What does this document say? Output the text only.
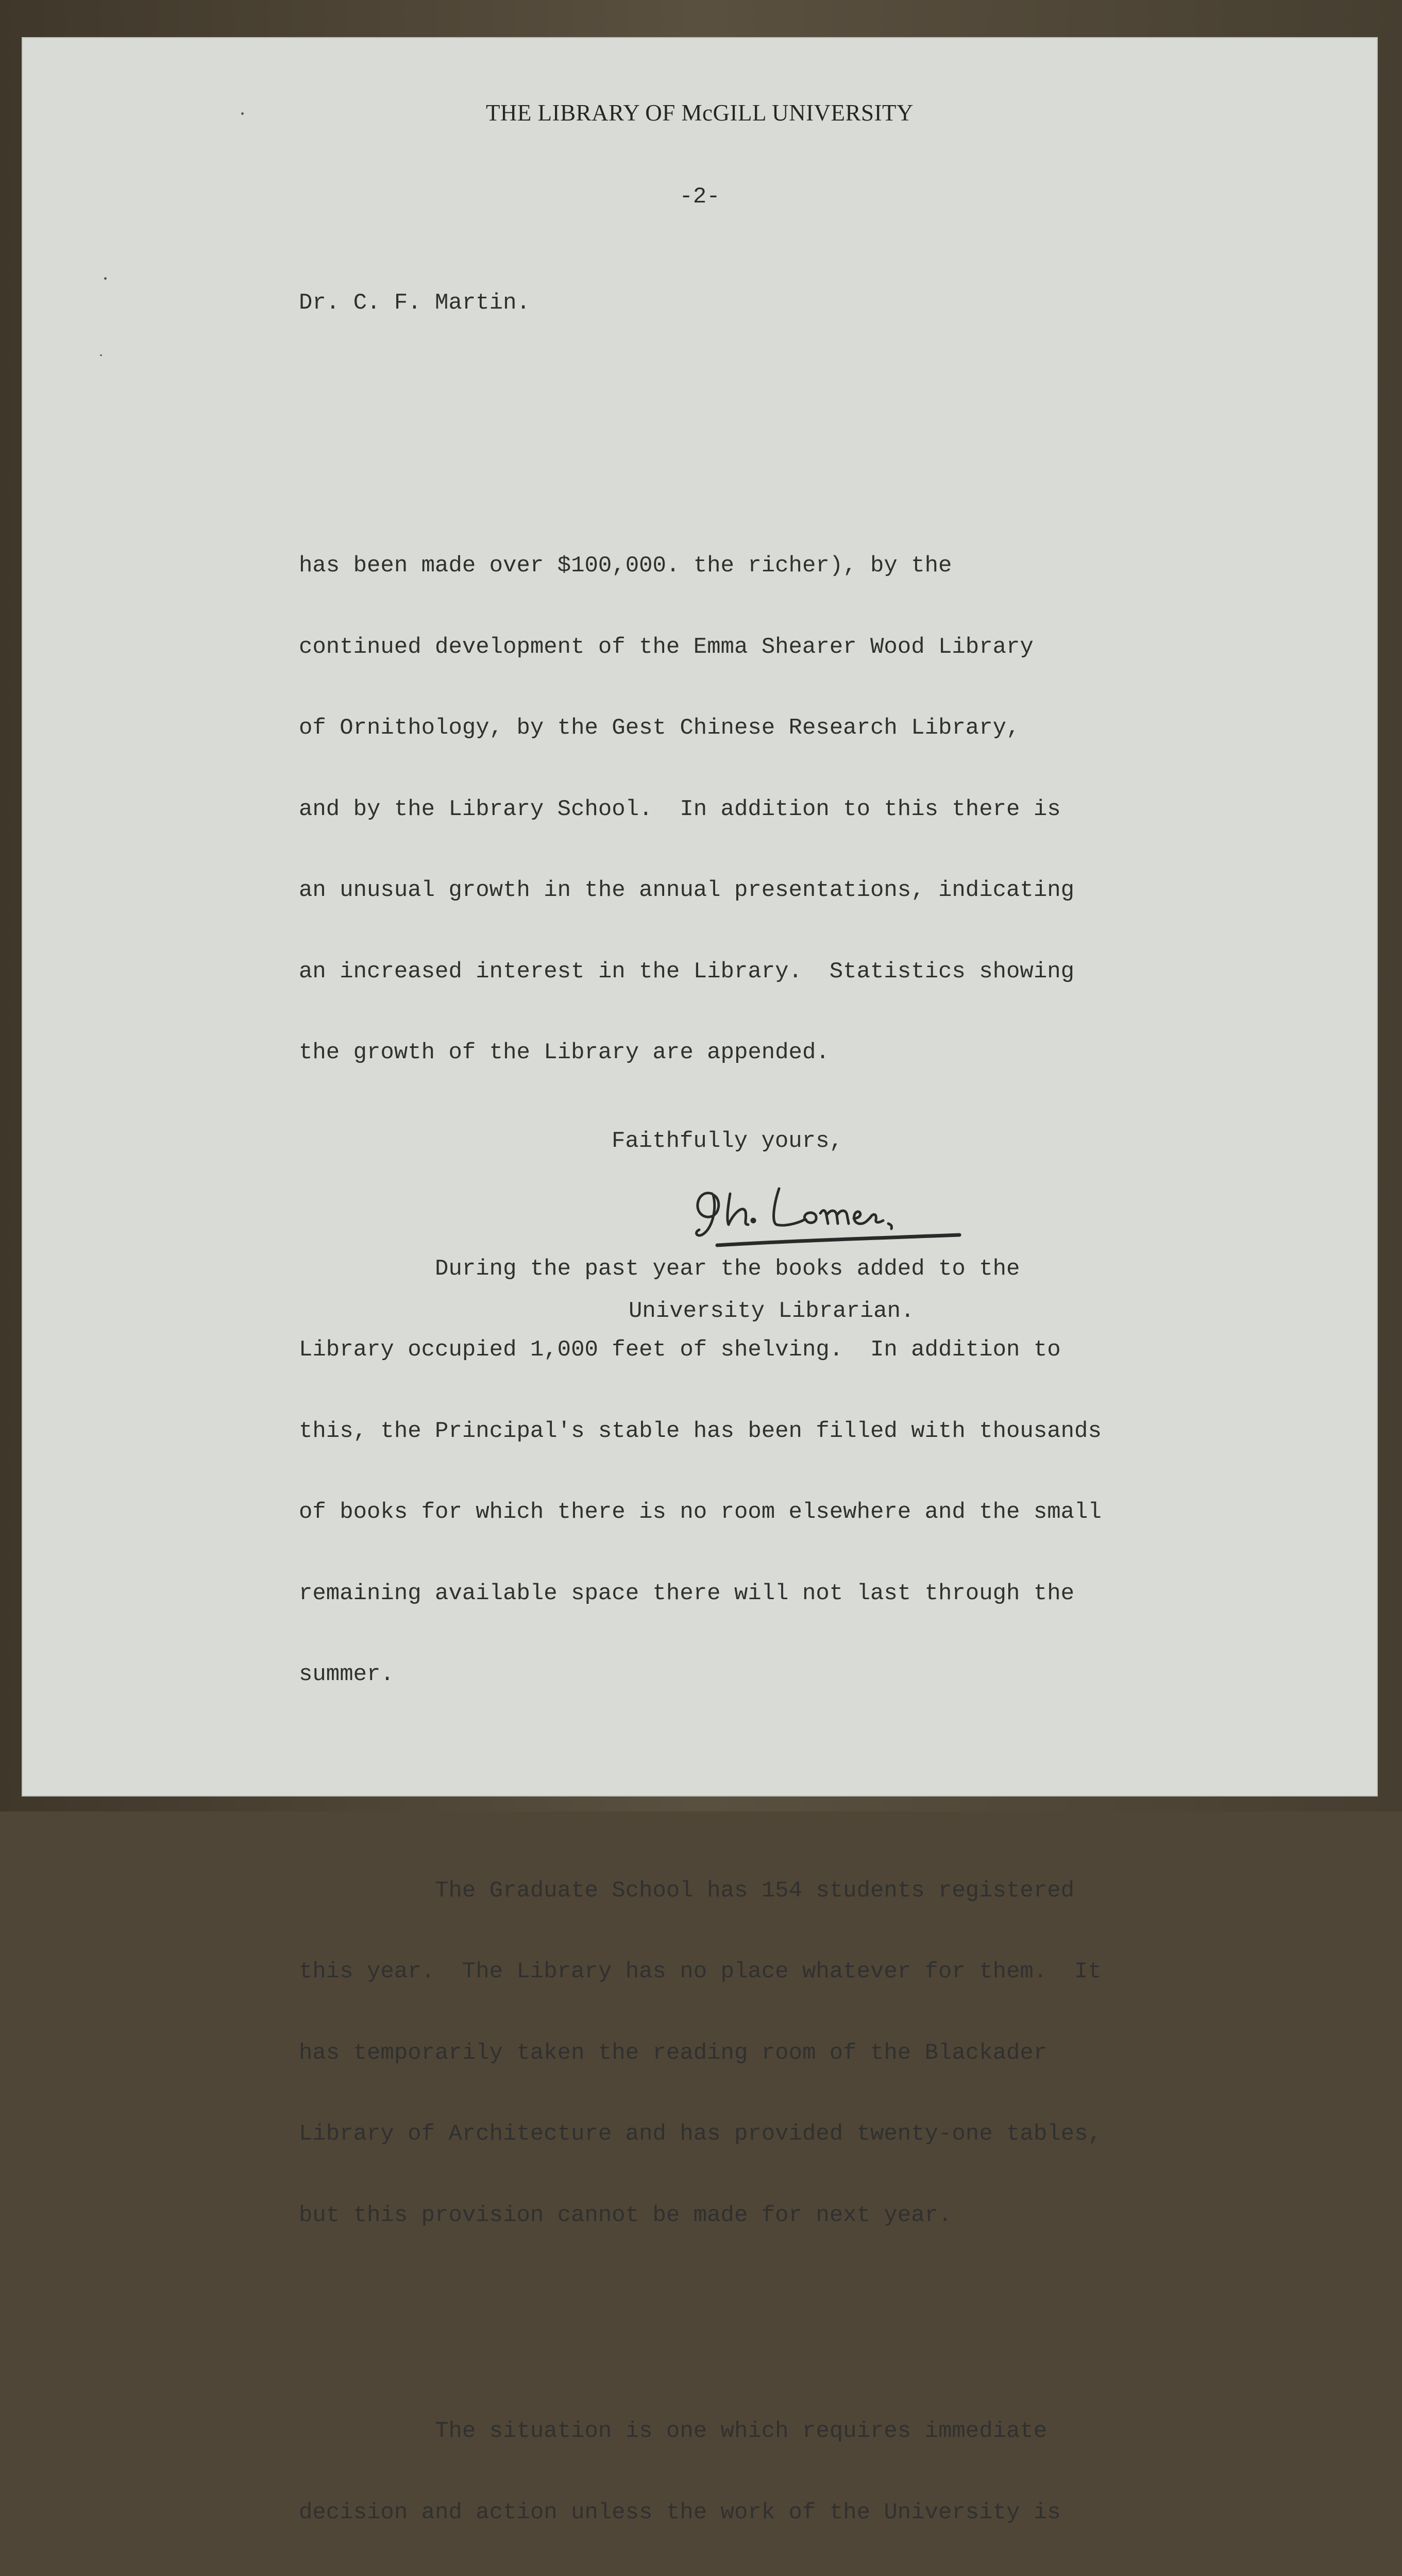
THE LIBRARY OF McGILL UNIVERSITY
-2-
Dr. C. F. Martin.

has been made over $100,000. the richer), by the

continued development of the Emma Shearer Wood Library

of Ornithology, by the Gest Chinese Research Library,

and by the Library School.  In addition to this there is

an unusual growth in the annual presentations, indicating

an increased interest in the Library.  Statistics showing

the growth of the Library are appended.

During the past year the books added to the

Library occupied 1,000 feet of shelving.  In addition to

this, the Principal's stable has been filled with thousands

of books for which there is no room elsewhere and the small

remaining available space there will not last through the

summer.

The Graduate School has 154 students registered

this year.  The Library has no place whatever for them.  It

has temporarily taken the reading room of the Blackader

Library of Architecture and has provided twenty-one tables,

but this provision cannot be made for next year.

The situation is one which requires immediate

decision and action unless the work of the University is

Faithfully yours,
University Librarian.
